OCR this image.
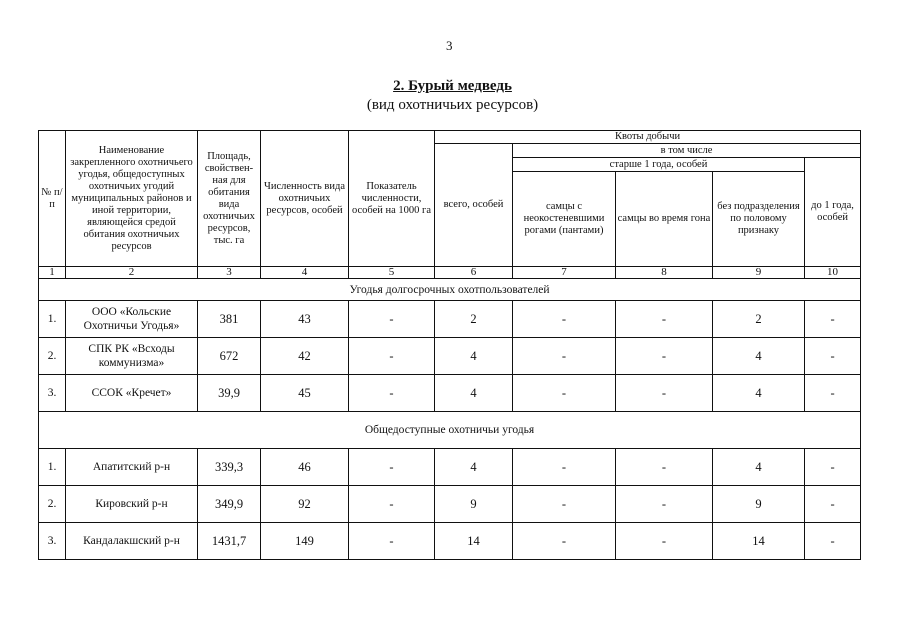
3
2. Бурый медведь
(вид охотничьих ресурсов)
№ п/п	Наименование закрепленного охотничьего угодья, общедоступных охотничьих угодий муниципальных районов и иной территории, являющейся средой обитания охотничьих ресурсов	Площадь, свойствен-ная для обитания вида охотничьих ресурсов, тыс. га	Численность вида охотничьих ресурсов, особей	Показатель численности, особей на 1000 га	Квоты добычи				
					всего, особей	в том числе			
						старше 1 года, особей			до 1 года, особей
						самцы с неокостеневшими рогами (пантами)	самцы во время гона	без подразделения по половому признаку	
1	2	3	4	5	6	7	8	9	10
Угодья долгосрочных охотпользователей									
1.	ООО «Кольские Охотничьи Угодья»	381	43	-	2	-	-	2	-
2.	СПК РК «Всходы коммунизма»	672	42	-	4	-	-	4	-
3.	ССОК «Кречет»	39,9	45	-	4	-	-	4	-
Общедоступные охотничьи угодья									
1.	Апатитский р-н	339,3	46	-	4	-	-	4	-
2.	Кировский р-н	349,9	92	-	9	-	-	9	-
3.	Кандалакшский р-н	1431,7	149	-	14	-	-	14	-
